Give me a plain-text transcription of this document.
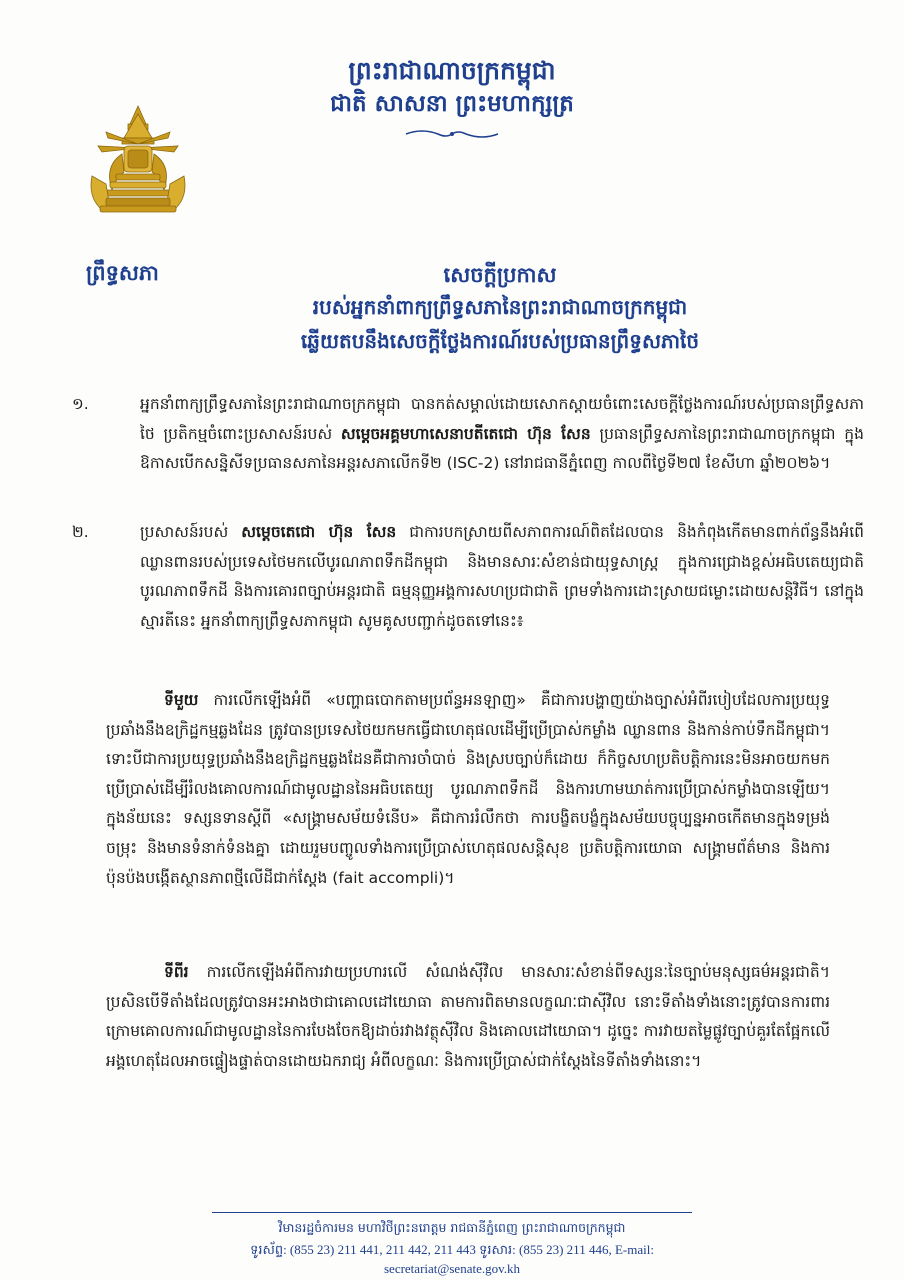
ព្រះរាជាណាចក្រកម្ពុជា
ជាតិ សាសនា ព្រះមហាក្សត្រ
ព្រឹទ្ធសភា	សេចក្តីប្រកាស
របស់អ្នកនាំពាក្យព្រឹទ្ធសភានៃព្រះរាជាណាចក្រកម្ពុជា
ឆ្លើយតបនឹងសេចក្តីថ្លែងការណ៍របស់ប្រធានព្រឹទ្ធសភាថៃ
១.	អ្នកនាំពាក្យព្រឹទ្ធសភានៃព្រះរាជាណាចក្រកម្ពុជា បានកត់សម្គាល់ដោយសោកស្តាយចំពោះសេចក្តីថ្លែងការណ៍របស់ប្រធានព្រឹទ្ធសភាថៃ ប្រតិកម្មចំពោះប្រសាសន៍របស់ សម្តេចអគ្គមហាសេនាបតីតេជោ ហ៊ុន សែន ប្រធានព្រឹទ្ធសភានៃព្រះរាជាណាចក្រកម្ពុជា ក្នុងឱកាសបើកសន្និសីទប្រធានសភានៃអន្តរសភាលើកទី២ (ISC-2) នៅរាជធានីភ្នំពេញ កាលពីថ្ងៃទី២៧ ខែសីហា ឆ្នាំ២០២៦។
២.	ប្រសាសន៍របស់ សម្តេចតេជោ ហ៊ុន សែន ជាការបកស្រាយពីសភាពការណ៍ពិតដែលបាន និងកំពុងកើតមានពាក់ព័ន្ធនឹងអំពើឈ្លានពានរបស់ប្រទេសថៃមកលើបូរណភាពទឹកដីកម្ពុជា និងមានសារៈសំខាន់ជាយុទ្ធសាស្ត្រ ក្នុងការជ្រោងខ្ពស់អធិបតេយ្យជាតិ បូរណភាពទឹកដី និងការគោរពច្បាប់អន្តរជាតិ ធម្មនុញ្ញអង្គការសហប្រជាជាតិ ព្រមទាំងការដោះស្រាយជម្លោះដោយសន្តិវិធី។ នៅក្នុងស្មារតីនេះ អ្នកនាំពាក្យព្រឹទ្ធសភាកម្ពុជា សូមគូសបញ្ជាក់ដូចតទៅនេះ៖
ទីមួយ ការលើកឡើងអំពី «បញ្ហាធបោកតាមប្រព័ន្ធអនឡាញ» គឺជាការបង្ហាញយ៉ាងច្បាស់អំពីរបៀបដែលការប្រយុទ្ធប្រឆាំងនឹងឧក្រិដ្ឋកម្មឆ្លងដែន ត្រូវបានប្រទេសថៃយកមកធ្វើជាហេតុផលដើម្បីប្រើប្រាស់កម្លាំង ឈ្លានពាន និងកាន់កាប់ទឹកដីកម្ពុជា។ ទោះបីជាការប្រយុទ្ធប្រឆាំងនឹងឧក្រិដ្ឋកម្មឆ្លងដែនគឺជាការចាំបាច់ និងស្របច្បាប់ក៏ដោយ ក៏កិច្ចសហប្រតិបត្តិការនេះមិនអាចយកមកប្រើប្រាស់ដើម្បីរំលងគោលការណ៍ជាមូលដ្ឋាននៃអធិបតេយ្យ បូរណភាពទឹកដី និងការហាមឃាត់ការប្រើប្រាស់កម្លាំងបានឡើយ។ ក្នុងន័យនេះ ទស្សនទានស្តីពី «សង្គ្រាមសម័យទំនើប» គឺជាការរំលឹកថា ការបង្ខិតបង្ខំក្នុងសម័យបច្ចុប្បន្នអាចកើតមានក្នុងទម្រង់ចម្រុះ និងមានទំនាក់ទំនងគ្នា ដោយរួមបញ្ចូលទាំងការប្រើប្រាស់ហេតុផលសន្តិសុខ ប្រតិបត្តិការយោធា សង្គ្រាមព័ត៌មាន និងការប៉ុនប៉ងបង្កើតស្ថានភាពថ្មីលើដីជាក់ស្តែង (fait accompli)។
ទីពីរ ការលើកឡើងអំពីការវាយប្រហារលើ សំណង់ស៊ីវិល មានសារៈសំខាន់ពីទស្សនៈនៃច្បាប់មនុស្សធម៌អន្តរជាតិ។ ប្រសិនបើទីតាំងដែលត្រូវបានអះអាងថាជាគោលដៅយោធា តាមការពិតមានលក្ខណៈជាស៊ីវិល នោះទីតាំងទាំងនោះត្រូវបានការពារក្រោមគោលការណ៍ជាមូលដ្ឋាននៃការបែងចែកឱ្យដាច់រវាងវត្ថុស៊ីវិល និងគោលដៅយោធា។ ដូច្នេះ ការវាយតម្លៃផ្លូវច្បាប់គួរតែផ្អែកលើអង្គហេតុដែលអាចផ្ទៀងផ្ទាត់បានដោយឯករាជ្យ អំពីលក្ខណៈ និងការប្រើប្រាស់ជាក់ស្តែងនៃទីតាំងទាំងនោះ។
វិមានរដ្ឋចំការមន មហាវិថីព្រះនរោត្តម រាជធានីភ្នំពេញ ព្រះរាជាណាចក្រកម្ពុជា
ទូរស័ព្ទ: (855 23) 211 441, 211 442, 211 443 ទូរសារ: (855 23) 211 446, E-mail: secretariat@senate.gov.kh
